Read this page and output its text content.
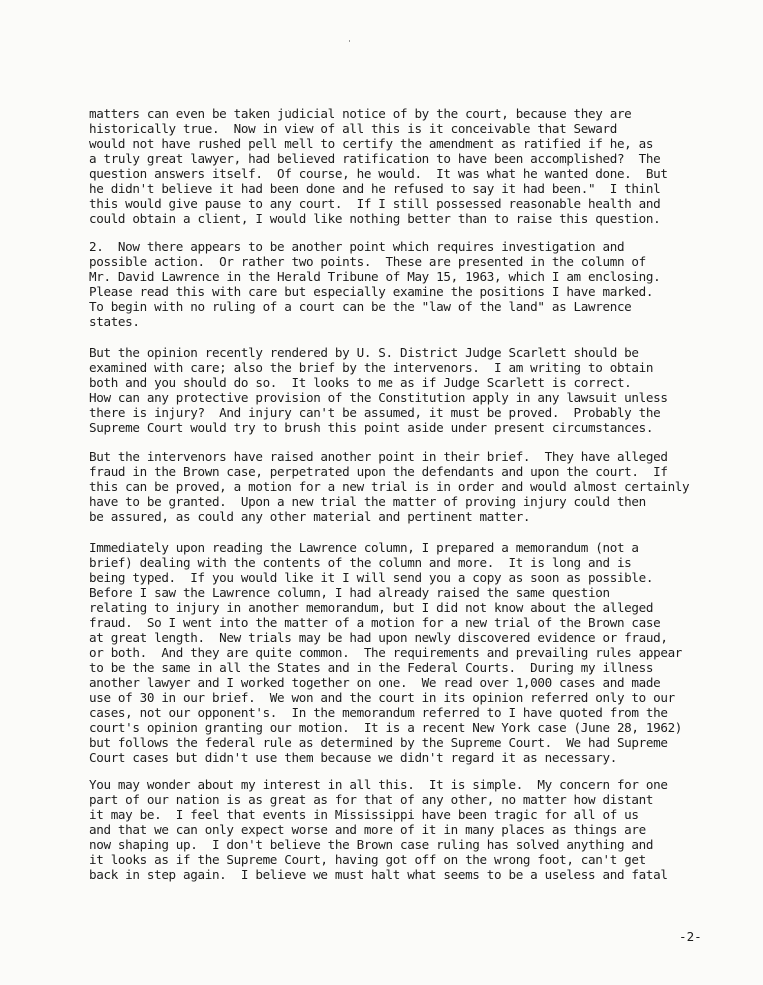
matters can even be taken judicial notice of by the court, because they are
historically true.  Now in view of all this is it conceivable that Seward
would not have rushed pell mell to certify the amendment as ratified if he, as
a truly great lawyer, had believed ratification to have been accomplished?  The
question answers itself.  Of course, he would.  It was what he wanted done.  But
he didn't believe it had been done and he refused to say it had been."  I thinl
this would give pause to any court.  If I still possessed reasonable health and
could obtain a client, I would like nothing better than to raise this question.
2.  Now there appears to be another point which requires investigation and
possible action.  Or rather two points.  These are presented in the column of
Mr. David Lawrence in the Herald Tribune of May 15, 1963, which I am enclosing.
Please read this with care but especially examine the positions I have marked.
To begin with no ruling of a court can be the "law of the land" as Lawrence
states.
But the opinion recently rendered by U. S. District Judge Scarlett should be
examined with care; also the brief by the intervenors.  I am writing to obtain
both and you should do so.  It looks to me as if Judge Scarlett is correct.
How can any protective provision of the Constitution apply in any lawsuit unless
there is injury?  And injury can't be assumed, it must be proved.  Probably the
Supreme Court would try to brush this point aside under present circumstances.
But the intervenors have raised another point in their brief.  They have alleged
fraud in the Brown case, perpetrated upon the defendants and upon the court.  If
this can be proved, a motion for a new trial is in order and would almost certainly
have to be granted.  Upon a new trial the matter of proving injury could then
be assured, as could any other material and pertinent matter.
Immediately upon reading the Lawrence column, I prepared a memorandum (not a
brief) dealing with the contents of the column and more.  It is long and is
being typed.  If you would like it I will send you a copy as soon as possible.
Before I saw the Lawrence column, I had already raised the same question
relating to injury in another memorandum, but I did not know about the alleged
fraud.  So I went into the matter of a motion for a new trial of the Brown case
at great length.  New trials may be had upon newly discovered evidence or fraud,
or both.  And they are quite common.  The requirements and prevailing rules appear
to be the same in all the States and in the Federal Courts.  During my illness
another lawyer and I worked together on one.  We read over 1,000 cases and made
use of 30 in our brief.  We won and the court in its opinion referred only to our
cases, not our opponent's.  In the memorandum referred to I have quoted from the
court's opinion granting our motion.  It is a recent New York case (June 28, 1962)
but follows the federal rule as determined by the Supreme Court.  We had Supreme
Court cases but didn't use them because we didn't regard it as necessary.
You may wonder about my interest in all this.  It is simple.  My concern for one
part of our nation is as great as for that of any other, no matter how distant
it may be.  I feel that events in Mississippi have been tragic for all of us
and that we can only expect worse and more of it in many places as things are
now shaping up.  I don't believe the Brown case ruling has solved anything and
it looks as if the Supreme Court, having got off on the wrong foot, can't get
back in step again.  I believe we must halt what seems to be a useless and fatal
-2-
